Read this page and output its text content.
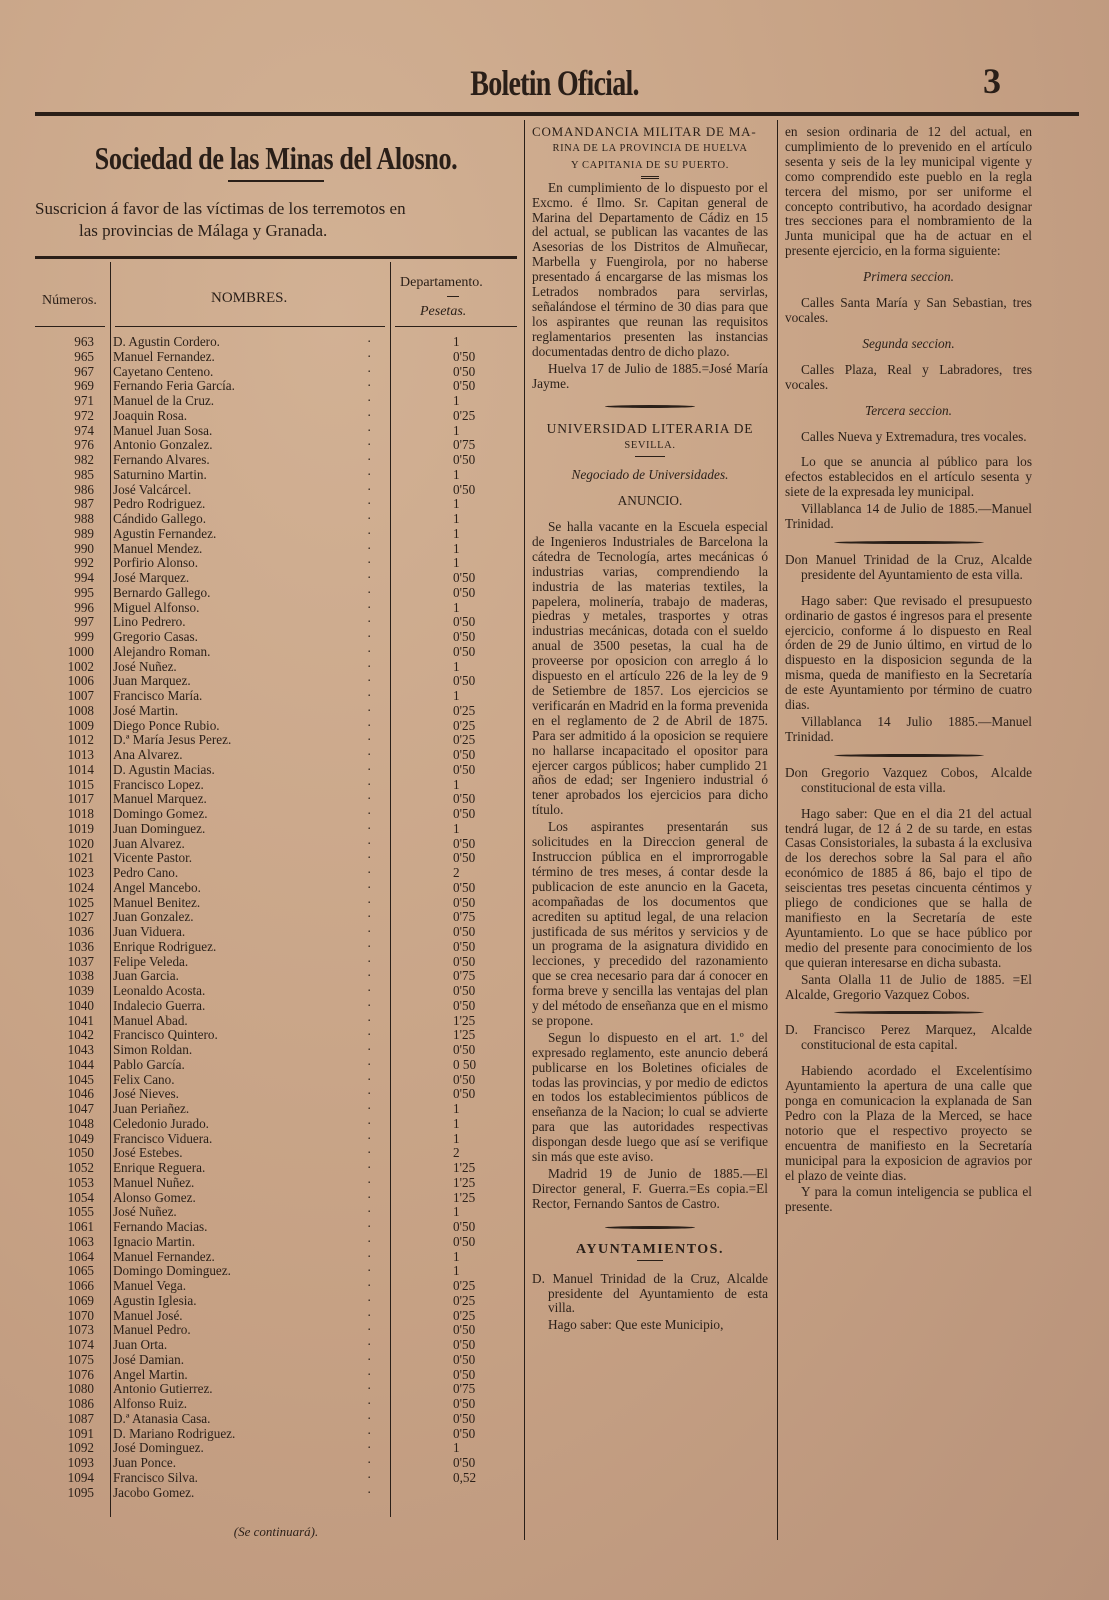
Boletin Oficial.	3
Sociedad de las Minas del Alosno.
Suscricion á favor de las víctimas de los terremotos en
las provincias de Málaga y Granada.
Números.	NOMBRES.
Departamento.
Pesetas.
963 D. Agustin Cordero.	·	1
965 Manuel Fernandez.	·	0'50
967 Cayetano Centeno.	·	0'50
969 Fernando Feria García.	·	0'50
971 Manuel de la Cruz.	·	1
972 Joaquin Rosa.	·	0'25
974 Manuel Juan Sosa.	·	1
976 Antonio Gonzalez.	·	0'75
982 Fernando Alvares.	·	0'50
985 Saturnino Martin.	·	1
986 José Valcárcel.	·	0'50
987 Pedro Rodriguez.	·	1
988 Cándido Gallego.	·	1
989 Agustin Fernandez.	·	1
990 Manuel Mendez.	·	1
992 Porfirio Alonso.	·	1
994 José Marquez.	·	0'50
995 Bernardo Gallego.	·	0'50
996 Miguel Alfonso.	·	1
997 Lino Pedrero.	·	0'50
999 Gregorio Casas.	·	0'50
1000 Alejandro Roman.	·	0'50
1002 José Nuñez.	·	1
1006 Juan Marquez.	·	0'50
1007 Francisco María.	·	1
1008 José Martin.	·	0'25
1009 Diego Ponce Rubio.	·	0'25
1012 D.ª María Jesus Perez.	·	0'25
1013 Ana Alvarez.	·	0'50
1014 D. Agustin Macias.	·	0'50
1015 Francisco Lopez.	·	1
1017 Manuel Marquez.	·	0'50
1018 Domingo Gomez.	·	0'50
1019 Juan Dominguez.	·	1
1020 Juan Alvarez.	·	0'50
1021 Vicente Pastor.	·	0'50
1023 Pedro Cano.	·	2
1024 Angel Mancebo.	·	0'50
1025 Manuel Benitez.	·	0'50
1027 Juan Gonzalez.	·	0'75
1036 Juan Viduera.	·	0'50
1036 Enrique Rodriguez.	·	0'50
1037 Felipe Veleda.	·	0'50
1038 Juan Garcia.	·	0'75
1039 Leonaldo Acosta.	·	0'50
1040 Indalecio Guerra.	·	0'50
1041 Manuel Abad.	·	1'25
1042 Francisco Quintero.	·	1'25
1043 Simon Roldan.	·	0'50
1044 Pablo García.	·	0 50
1045 Felix Cano.	·	0'50
1046 José Nieves.	·	0'50
1047 Juan Periañez.	·	1
1048 Celedonio Jurado.	·	1
1049 Francisco Viduera.	·	1
1050 José Estebes.	·	2
1052 Enrique Reguera.	·	1'25
1053 Manuel Nuñez.	·	1'25
1054 Alonso Gomez.	·	1'25
1055 José Nuñez.	·	1
1061 Fernando Macias.	·	0'50
1063 Ignacio Martin.	·	0'50
1064 Manuel Fernandez.	·	1
1065 Domingo Dominguez.	·	1
1066 Manuel Vega.	·	0'25
1069 Agustin Iglesia.	·	0'25
1070 Manuel José.	·	0'25
1073 Manuel Pedro.	·	0'50
1074 Juan Orta.	·	0'50
1075 José Damian.	·	0'50
1076 Angel Martin.	·	0'50
1080 Antonio Gutierrez.	·	0'75
1086 Alfonso Ruiz.	·	0'50
1087 D.ª Atanasia Casa.	·	0'50
1091 D. Mariano Rodriguez.	·	0'50
1092 José Dominguez.	·	1
1093 Juan Ponce.	·	0'50
1094 Francisco Silva.	·	0,52
1095 Jacobo Gomez.	·
(Se continuará).

COMANDANCIA MILITAR DE MA-

RINA DE LA PROVINCIA DE HUELVA

Y CAPITANIA DE SU PUERTO.

En cumplimiento de lo dispuesto por el Excmo. é Ilmo. Sr. Capitan general de Marina del Departamento de Cádiz en 15 del actual, se publican las vacantes de las Asesorias de los Distritos de Almuñecar, Marbella y Fuengirola, por no haberse presentado á encargarse de las mismas los Letrados nombrados para servirlas, señalándose el término de 30 dias para que los aspirantes que reunan las requisitos reglamentarios presenten las instancias documentadas dentro de dicho plazo.

Huelva 17 de Julio de 1885.=José María Jayme.

UNIVERSIDAD LITERARIA DE

SEVILLA.

Negociado de Universidades.

ANUNCIO.

Se halla vacante en la Escuela especial de Ingenieros Industriales de Barcelona la cátedra de Tecnología, artes mecánicas ó industrias varias, comprendiendo la industria de las materias textiles, la papelera, molinería, trabajo de maderas, piedras y metales, trasportes y otras industrias mecánicas, dotada con el sueldo anual de 3500 pesetas, la cual ha de proveerse por oposicion con arreglo á lo dispuesto en el artículo 226 de la ley de 9 de Setiembre de 1857. Los ejercicios se verificarán en Madrid en la forma prevenida en el reglamento de 2 de Abril de 1875. Para ser admitido á la oposicion se requiere no hallarse incapacitado el opositor para ejercer cargos públicos; haber cumplido 21 años de edad; ser Ingeniero industrial ó tener aprobados los ejercicios para dicho título.

Los aspirantes presentarán sus solicitudes en la Direccion general de Instruccion pública en el improrrogable término de tres meses, á contar desde la publicacion de este anuncio en la Gaceta, acompañadas de los documentos que acrediten su aptitud legal, de una relacion justificada de sus méritos y servicios y de un programa de la asignatura dividido en lecciones, y precedido del razonamiento que se crea necesario para dar á conocer en forma breve y sencilla las ventajas del plan y del método de enseñanza que en el mismo se propone.

Segun lo dispuesto en el art. 1.º del expresado reglamento, este anuncio deberá publicarse en los Boletines oficiales de todas las provincias, y por medio de edictos en todos los establecimientos públicos de enseñanza de la Nacion; lo cual se advierte para que las autoridades respectivas dispongan desde luego que así se verifique sin más que este aviso.

Madrid 19 de Junio de 1885.—El Director general, F. Guerra.=Es copia.=El Rector, Fernando Santos de Castro.

AYUNTAMIENTOS.

D. Manuel Trinidad de la Cruz, Alcalde presidente del Ayuntamiento de esta villa.

Hago saber: Que este Municipio,

en sesion ordinaria de 12 del actual, en cumplimiento de lo prevenido en el artículo sesenta y seis de la ley municipal vigente y como comprendido este pueblo en la regla tercera del mismo, por ser uniforme el concepto contributivo, ha acordado designar tres secciones para el nombramiento de la Junta municipal que ha de actuar en el presente ejercicio, en la forma siguiente:

Primera seccion.

Calles Santa María y San Sebastian, tres vocales.

Segunda seccion.

Calles Plaza, Real y Labradores, tres vocales.

Tercera seccion.

Calles Nueva y Extremadura, tres vocales.

Lo que se anuncia al público para los efectos establecidos en el artículo sesenta y siete de la expresada ley municipal.

Villablanca 14 de Julio de 1885.—Manuel Trinidad.

Don Manuel Trinidad de la Cruz, Alcalde presidente del Ayuntamiento de esta villa.

Hago saber: Que revisado el presupuesto ordinario de gastos é ingresos para el presente ejercicio, conforme á lo dispuesto en Real órden de 29 de Junio último, en virtud de lo dispuesto en la disposicion segunda de la misma, queda de manifiesto en la Secretaría de este Ayuntamiento por término de cuatro dias.

Villablanca 14 Julio 1885.—Manuel Trinidad.

Don Gregorio Vazquez Cobos, Alcalde constitucional de esta villa.

Hago saber: Que en el dia 21 del actual tendrá lugar, de 12 á 2 de su tarde, en estas Casas Consistoriales, la subasta á la exclusiva de los derechos sobre la Sal para el año económico de 1885 á 86, bajo el tipo de seiscientas tres pesetas cincuenta céntimos y pliego de condiciones que se halla de manifiesto en la Secretaría de este Ayuntamiento. Lo que se hace público por medio del presente para conocimiento de los que quieran interesarse en dicha subasta.

Santa Olalla 11 de Julio de 1885. =El Alcalde, Gregorio Vazquez Cobos.

D. Francisco Perez Marquez, Alcalde constitucional de esta capital.

Habiendo acordado el Excelentísimo Ayuntamiento la apertura de una calle que ponga en comunicacion la explanada de San Pedro con la Plaza de la Merced, se hace notorio que el respectivo proyecto se encuentra de manifiesto en la Secretaría municipal para la exposicion de agravios por el plazo de veinte dias.

Y para la comun inteligencia se publica el presente.
